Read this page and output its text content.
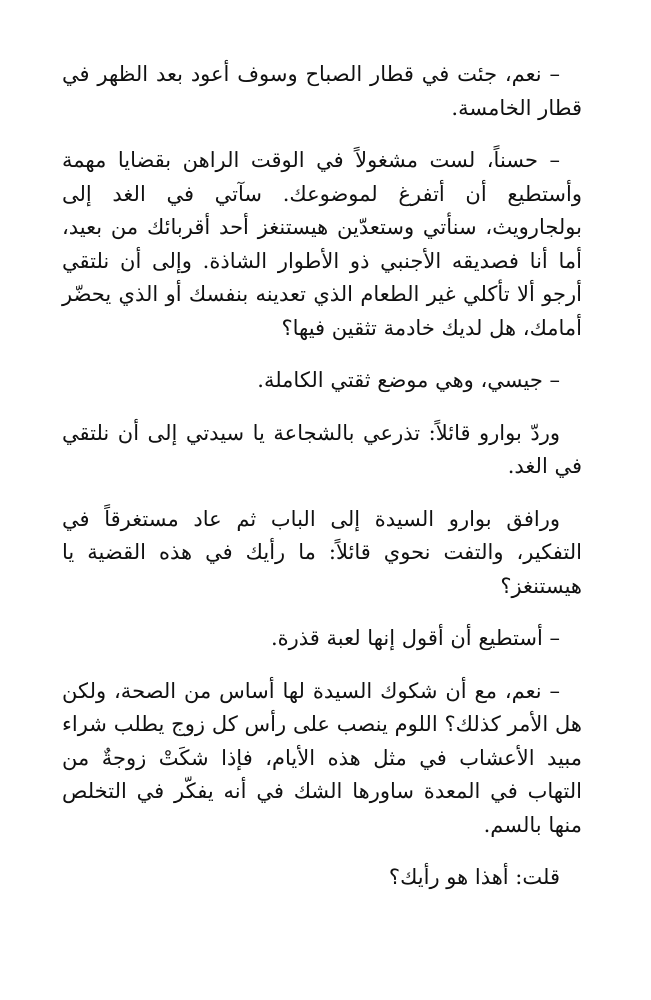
– نعم، جئت في قطار الصباح وسوف أعود بعد الظهر في قطار الخامسة.

– حسناً، لست مشغولاً في الوقت الراهن بقضايا مهمة وأستطيع أن أتفرغ لموضوعك. سآتي في الغد إلى بولجارويث، سنأتي وستعدّين هيستنغز أحد أقربائك من بعيد، أما أنا فصديقه الأجنبي ذو الأطوار الشاذة. وإلى أن نلتقي أرجو ألا تأكلي غير الطعام الذي تعدينه بنفسك أو الذي يحضّر أمامك، هل لديك خادمة تثقين فيها؟

– جيسي، وهي موضع ثقتي الكاملة.

وردّ بوارو قائلاً: تذرعي بالشجاعة يا سيدتي إلى أن نلتقي في الغد.

ورافق بوارو السيدة إلى الباب ثم عاد مستغرقاً في التفكير، والتفت نحوي قائلاً: ما رأيك في هذه القضية يا هيستنغز؟

– أستطيع أن أقول إنها لعبة قذرة.

– نعم، مع أن شكوك السيدة لها أساس من الصحة، ولكن هل الأمر كذلك؟ اللوم ينصب على رأس كل زوج يطلب شراء مبيد الأعشاب في مثل هذه الأيام، فإذا شكَتْ زوجةٌ من التهاب في المعدة ساورها الشك في أنه يفكّر في التخلص منها بالسم.

قلت: أهذا هو رأيك؟
